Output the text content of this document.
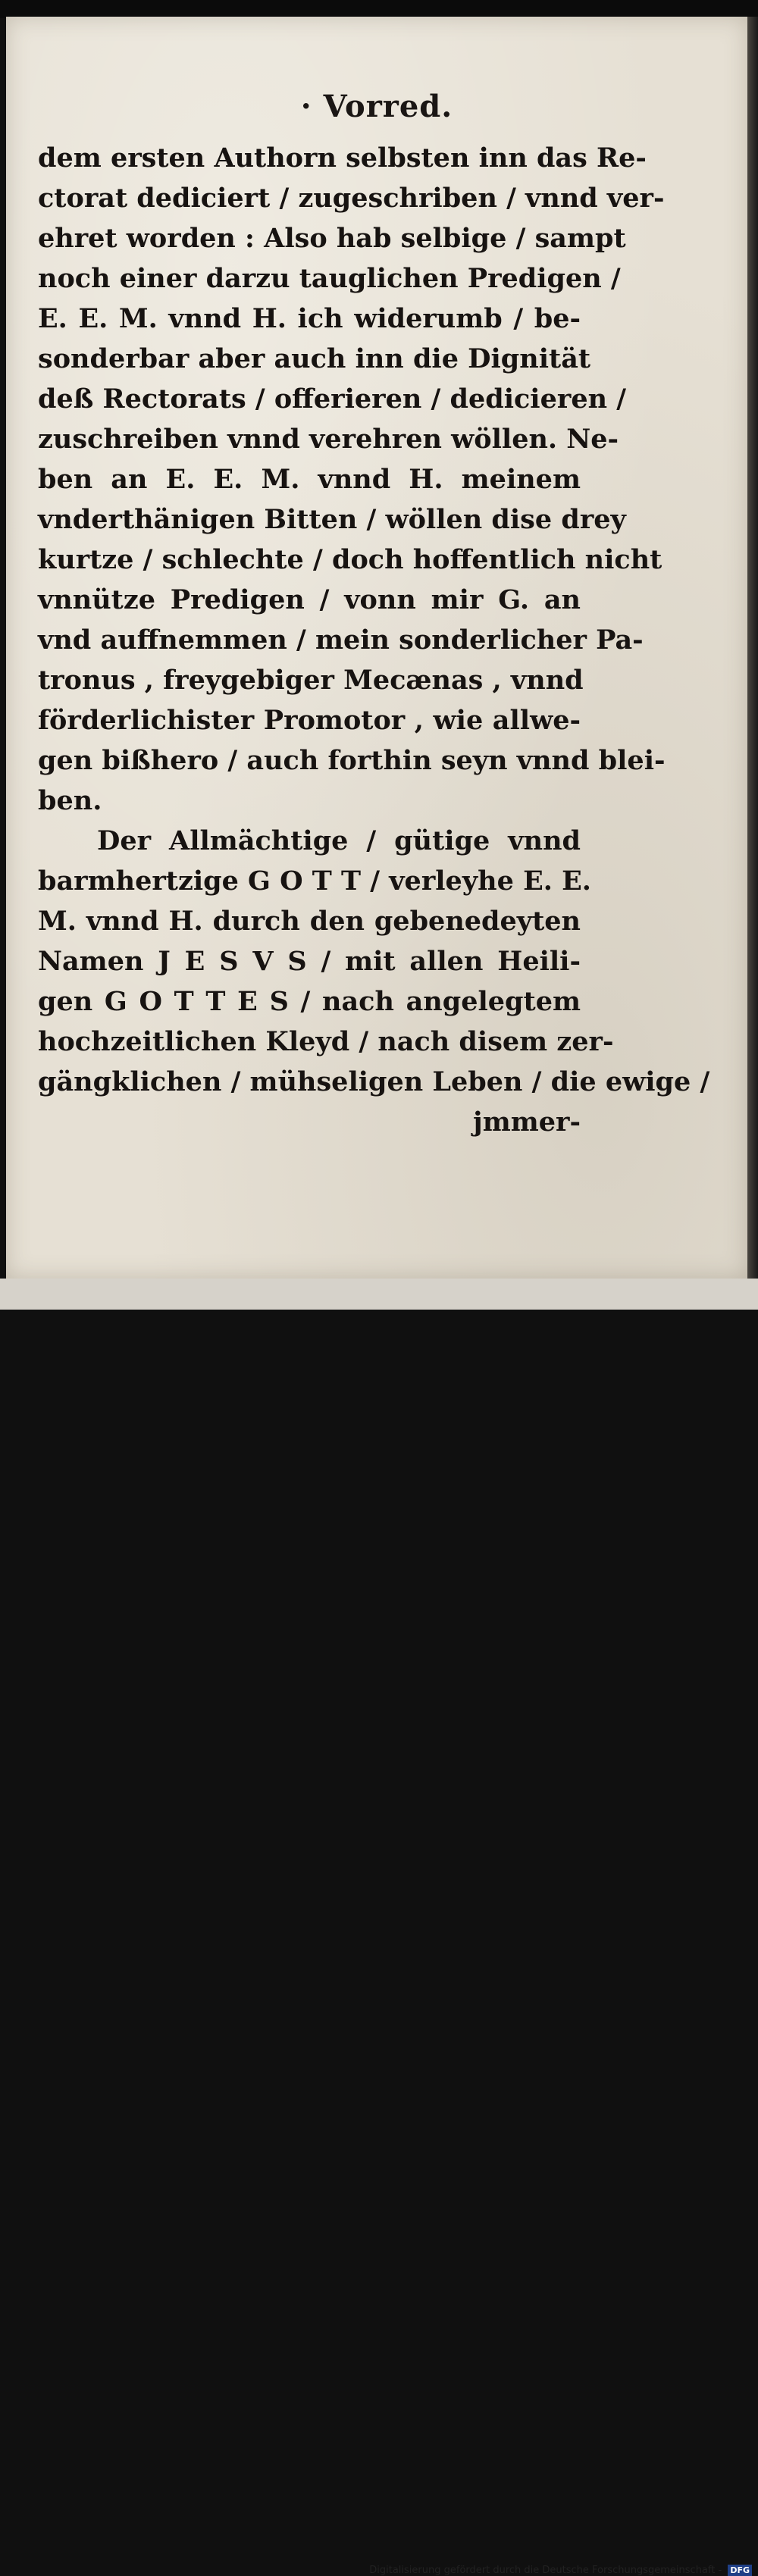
· Vorred.
dem ersten Authorn selbsten inn das Re-
ctorat dediciert / zugeschriben / vnnd ver-
ehret worden : Also hab selbige / sampt
noch einer darzu tauglichen Predigen /
E. E. M. vnnd H. ich widerumb / be-
sonderbar aber auch inn die Dignität
deß Rectorats / offerieren / dedicieren /
zuschreiben vnnd verehren wöllen. Ne-
ben an E. E. M. vnnd H. meinem
vnderthänigen Bitten / wöllen dise drey
kurtze / schlechte / doch hoffentlich nicht
vnnütze Predigen / vonn mir G. an
vnd auffnemmen / mein sonderlicher Pa-
tronus , freygebiger Mecænas , vnnd
förderlichister Promotor , wie allwe-
gen bißhero / auch forthin seyn vnnd blei-
ben.
Der Allmächtige / gütige vnnd
barmhertzige G O T T / verleyhe E. E.
M. vnnd H. durch den gebenedeyten
Namen J E S V S / mit allen Heili-
gen G O T T E S / nach angelegtem
hochzeitlichen Kleyd / nach disem zer-
gängklichen / mühseligen Leben / die ewige /
jmmer-
Digitalisierung gefördert durch die Deutsche Forschungsgemeinschaft - DFG
